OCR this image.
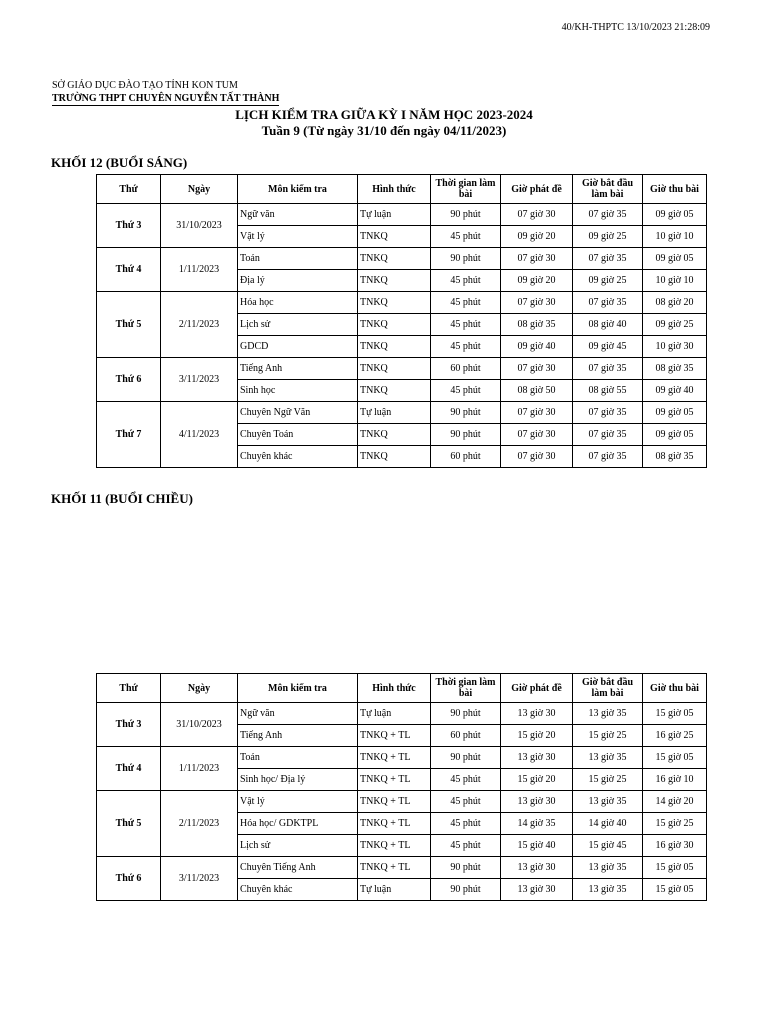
40/KH-THPTC 13/10/2023 21:28:09
SỞ GIÁO DỤC ĐÀO TẠO TỈNH KON TUM
TRƯỜNG THPT CHUYÊN NGUYỄN TẤT THÀNH
LỊCH KIỂM TRA GIỮA KỲ I NĂM HỌC 2023-2024
Tuần 9 (Từ ngày 31/10 đến ngày 04/11/2023)
KHỐI 12 (BUỔI SÁNG)
Thứ	Ngày	Môn kiểm tra	Hình thức	Thời gian làm bài	Giờ phát đề	Giờ bắt đầu làm bài	Giờ thu bài
Thứ 3	31/10/2023	Ngữ văn	Tự luận	90 phút	07 giờ 30	07 giờ 35	09 giờ 05
		Vật lý	TNKQ	45 phút	09 giờ 20	09 giờ 25	10 giờ 10
Thứ 4	1/11/2023	Toán	TNKQ	90 phút	07 giờ 30	07 giờ 35	09 giờ 05
		Địa lý	TNKQ	45 phút	09 giờ 20	09 giờ 25	10 giờ 10
Thứ 5	2/11/2023	Hóa học	TNKQ	45 phút	07 giờ 30	07 giờ 35	08 giờ 20
		Lịch sử	TNKQ	45 phút	08 giờ 35	08 giờ 40	09 giờ 25
		GDCD	TNKQ	45 phút	09 giờ 40	09 giờ 45	10 giờ 30
Thứ 6	3/11/2023	Tiếng Anh	TNKQ	60 phút	07 giờ 30	07 giờ 35	08 giờ 35
		Sinh học	TNKQ	45 phút	08 giờ 50	08 giờ 55	09 giờ 40
Thứ 7	4/11/2023	Chuyên Ngữ Văn	Tự luận	90 phút	07 giờ 30	07 giờ 35	09 giờ 05
		Chuyên Toán	TNKQ	90 phút	07 giờ 30	07 giờ 35	09 giờ 05
		Chuyên khác	TNKQ	60 phút	07 giờ 30	07 giờ 35	08 giờ 35
KHỐI 11 (BUỔI CHIỀU)
Thứ	Ngày	Môn kiểm tra	Hình thức	Thời gian làm bài	Giờ phát đề	Giờ bắt đầu làm bài	Giờ thu bài
Thứ 3	31/10/2023	Ngữ văn	Tự luận	90 phút	13 giờ 30	13 giờ 35	15 giờ 05
		Tiếng Anh	TNKQ + TL	60 phút	15 giờ 20	15 giờ 25	16 giờ 25
Thứ 4	1/11/2023	Toán	TNKQ + TL	90 phút	13 giờ 30	13 giờ 35	15 giờ 05
		Sinh học/ Địa lý	TNKQ + TL	45 phút	15 giờ 20	15 giờ 25	16 giờ 10
Thứ 5	2/11/2023	Vật lý	TNKQ + TL	45 phút	13 giờ 30	13 giờ 35	14 giờ 20
		Hóa học/ GDKTPL	TNKQ + TL	45 phút	14 giờ 35	14 giờ 40	15 giờ 25
		Lịch sử	TNKQ + TL	45 phút	15 giờ 40	15 giờ 45	16 giờ 30
Thứ 6	3/11/2023	Chuyên Tiếng Anh	TNKQ + TL	90 phút	13 giờ 30	13 giờ 35	15 giờ 05
		Chuyên khác	Tự luận	90 phút	13 giờ 30	13 giờ 35	15 giờ 05
